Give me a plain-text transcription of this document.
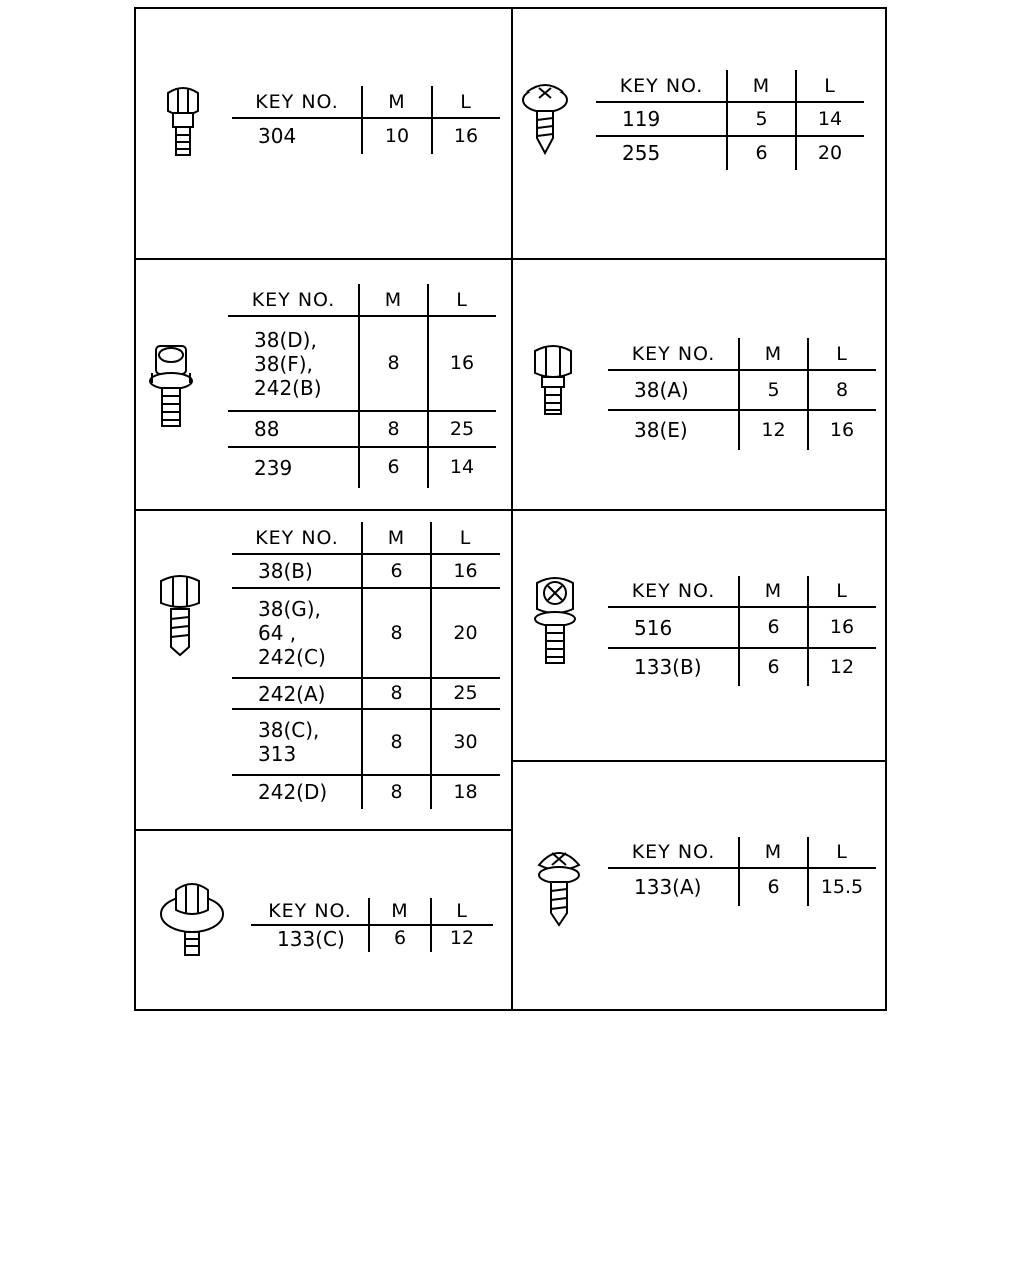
KEY NO.	M	L
304	10	16
KEY NO.	M	L
119	5	14
255	6	20
KEY NO.	M	L
38(D),
38(F),
242(B)
8	16
88	8	25
239	6	14
KEY NO.	M	L
38(A)	5	8
38(E)	12	16
KEY NO.	M	L
38(B)	6	16
38(G),
64 ,
242(C)
8	20
242(A)	8	25
38(C),
313
8	30
242(D)	8	18
KEY NO.	M	L
516	6	16
133(B)	6	12
KEY NO.	M	L
133(C)	6	12
KEY NO.	M	L
133(A)	6	15.5
